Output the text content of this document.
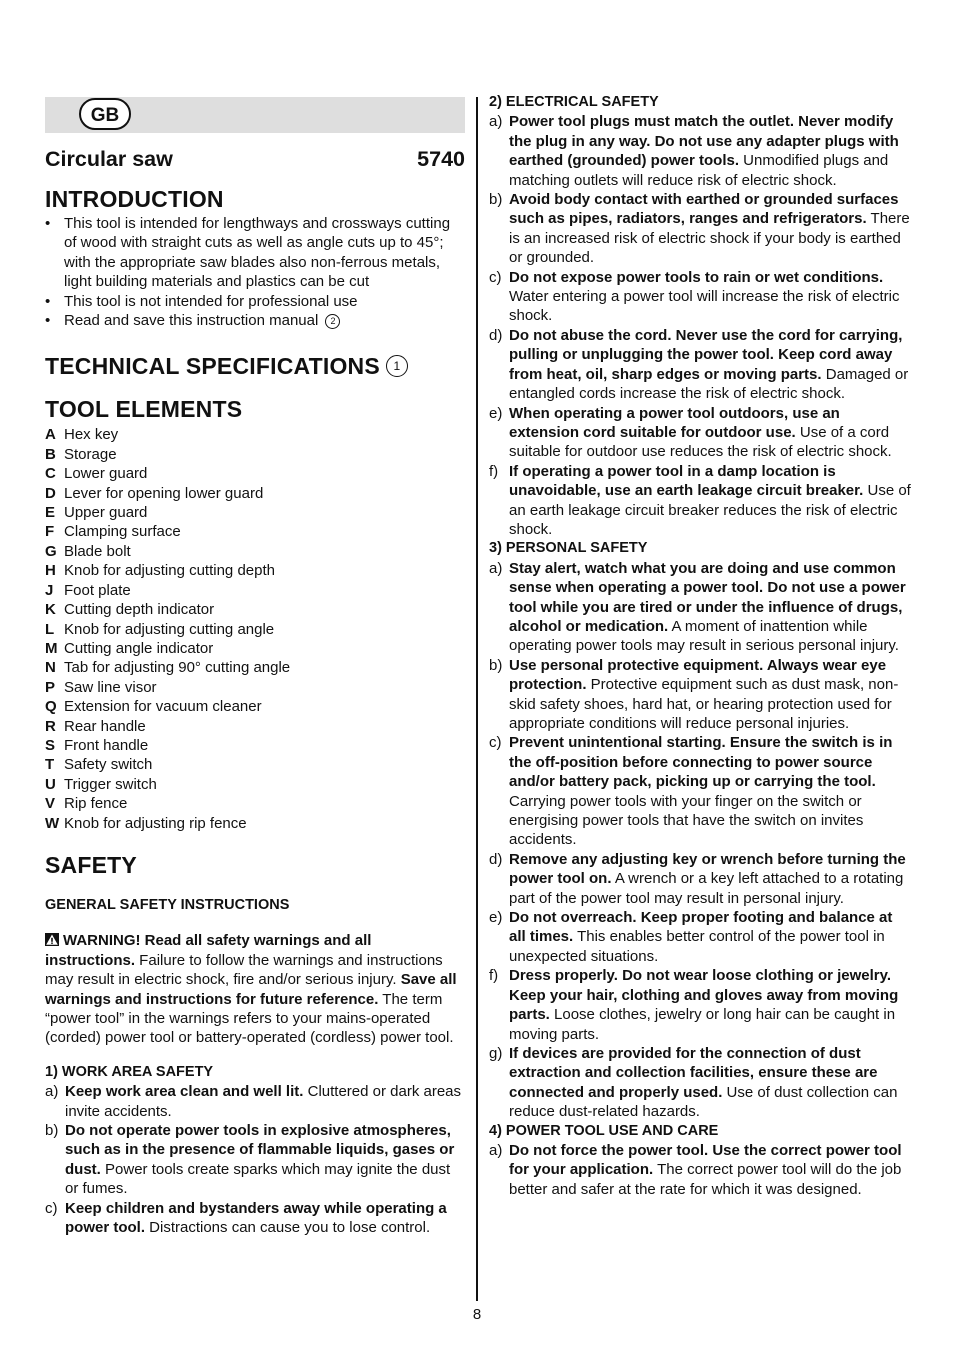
GB
Circular saw	5740
INTRODUCTION
• This tool is intended for lengthways and crossways cutting of wood with straight cuts as well as angle cuts up to 45°; with the appropriate saw blades also non-ferrous metals, light building materials and plastics can be cut
• This tool is not intended for professional use
• Read and save this instruction manual 2
TECHNICAL SPECIFICATIONS 1
TOOL ELEMENTS
A Hex key
B Storage
C Lower guard
D Lever for opening lower guard
E Upper guard
F Clamping surface
G Blade bolt
H Knob for adjusting cutting depth
J Foot plate
K Cutting depth indicator
L Knob for adjusting cutting angle
M Cutting angle indicator
N Tab for adjusting 90° cutting angle
P Saw line visor
Q Extension for vacuum cleaner
R Rear handle
S Front handle
T Safety switch
U Trigger switch
V Rip fence
W Knob for adjusting rip fence
SAFETY
GENERAL SAFETY INSTRUCTIONS
WARNING! Read all safety warnings and all instructions. Failure to follow the warnings and instructions may result in electric shock, fire and/or serious injury. Save all warnings and instructions for future reference. The term “power tool” in the warnings refers to your mains-operated (corded) power tool or battery-operated (cordless) power tool.
1) WORK AREA SAFETY
a) Keep work area clean and well lit. Cluttered or dark areas invite accidents.
b) Do not operate power tools in explosive atmospheres, such as in the presence of flammable liquids, gases or dust. Power tools create sparks which may ignite the dust or fumes.
c) Keep children and bystanders away while operating a power tool. Distractions can cause you to lose control.
2) ELECTRICAL SAFETY
a) Power tool plugs must match the outlet. Never modify the plug in any way. Do not use any adapter plugs with earthed (grounded) power tools. Unmodified plugs and matching outlets will reduce risk of electric shock.
b) Avoid body contact with earthed or grounded surfaces such as pipes, radiators, ranges and refrigerators. There is an increased risk of electric shock if your body is earthed or grounded.
c) Do not expose power tools to rain or wet conditions. Water entering a power tool will increase the risk of electric shock.
d) Do not abuse the cord. Never use the cord for carrying, pulling or unplugging the power tool. Keep cord away from heat, oil, sharp edges or moving parts. Damaged or entangled cords increase the risk of electric shock.
e) When operating a power tool outdoors, use an extension cord suitable for outdoor use. Use of a cord suitable for outdoor use reduces the risk of electric shock.
f) If operating a power tool in a damp location is unavoidable, use an earth leakage circuit breaker. Use of an earth leakage circuit breaker reduces the risk of electric shock.
3) PERSONAL SAFETY
a) Stay alert, watch what you are doing and use common sense when operating a power tool. Do not use a power tool while you are tired or under the influence of drugs, alcohol or medication. A moment of inattention while operating power tools may result in serious personal injury.
b) Use personal protective equipment. Always wear eye protection. Protective equipment such as dust mask, non-skid safety shoes, hard hat, or hearing protection used for appropriate conditions will reduce personal injuries.
c) Prevent unintentional starting. Ensure the switch is in the off-position before connecting to power source and/or battery pack, picking up or carrying the tool. Carrying power tools with your finger on the switch or energising power tools that have the switch on invites accidents.
d) Remove any adjusting key or wrench before turning the power tool on. A wrench or a key left attached to a rotating part of the power tool may result in personal injury.
e) Do not overreach. Keep proper footing and balance at all times. This enables better control of the power tool in unexpected situations.
f) Dress properly. Do not wear loose clothing or jewelry. Keep your hair, clothing and gloves away from moving parts. Loose clothes, jewelry or long hair can be caught in moving parts.
g) If devices are provided for the connection of dust extraction and collection facilities, ensure these are connected and properly used. Use of dust collection can reduce dust-related hazards.
4) POWER TOOL USE AND CARE
a) Do not force the power tool. Use the correct power tool for your application. The correct power tool will do the job better and safer at the rate for which it was designed.
8
